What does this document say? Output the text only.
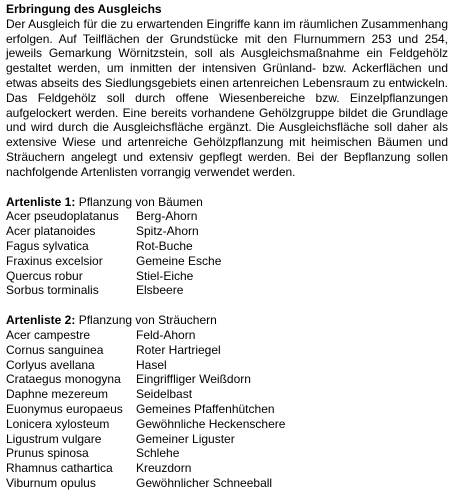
Erbringung des Ausgleichs

Der Ausgleich für die zu erwartenden Eingriffe kann im räumlichen Zusammenhang erfolgen. Auf Teilflächen der Grundstücke mit den Flurnummern 253 und 254, jeweils Gemarkung Wörnitzstein, soll als Ausgleichsmaßnahme ein Feldgehölz gestaltet werden, um inmitten der intensiven Grünland- bzw. Ackerflächen und etwas abseits des Siedlungsgebiets einen artenreichen Lebensraum zu entwickeln. Das Feldgehölz soll durch offene Wiesenbereiche bzw. Einzelpflanzungen aufgelockert werden. Eine bereits vorhandene Gehölzgruppe bildet die Grundlage und wird durch die Ausgleichsfläche ergänzt. Die Ausgleichsfläche soll daher als extensive Wiese und artenreiche Gehölzpflanzung mit heimischen Bäumen und Sträuchern angelegt und extensiv gepflegt werden. Bei der Bepflanzung sollen nachfolgende Artenlisten vorrangig verwendet werden.

Artenliste 1: Pflanzung von Bäumen

Acer pseudoplatanus	Berg-Ahorn
Acer platanoides	Spitz-Ahorn
Fagus sylvatica	Rot-Buche
Fraxinus excelsior	Gemeine Esche
Quercus robur	Stiel-Eiche
Sorbus torminalis	Elsbeere

Artenliste 2: Pflanzung von Sträuchern

Acer campestre	Feld-Ahorn
Cornus sanguinea	Roter Hartriegel
Corlyus avellana	Hasel
Crataegus monogyna	Eingriffliger Weißdorn
Daphne mezereum	Seidelbast
Euonymus europaeus	Gemeines Pfaffenhütchen
Lonicera xylosteum	Gewöhnliche Heckenschere
Ligustrum vulgare	Gemeiner Liguster
Prunus spinosa	Schlehe
Rhamnus cathartica	Kreuzdorn
Viburnum opulus	Gewöhnlicher Schneeball
